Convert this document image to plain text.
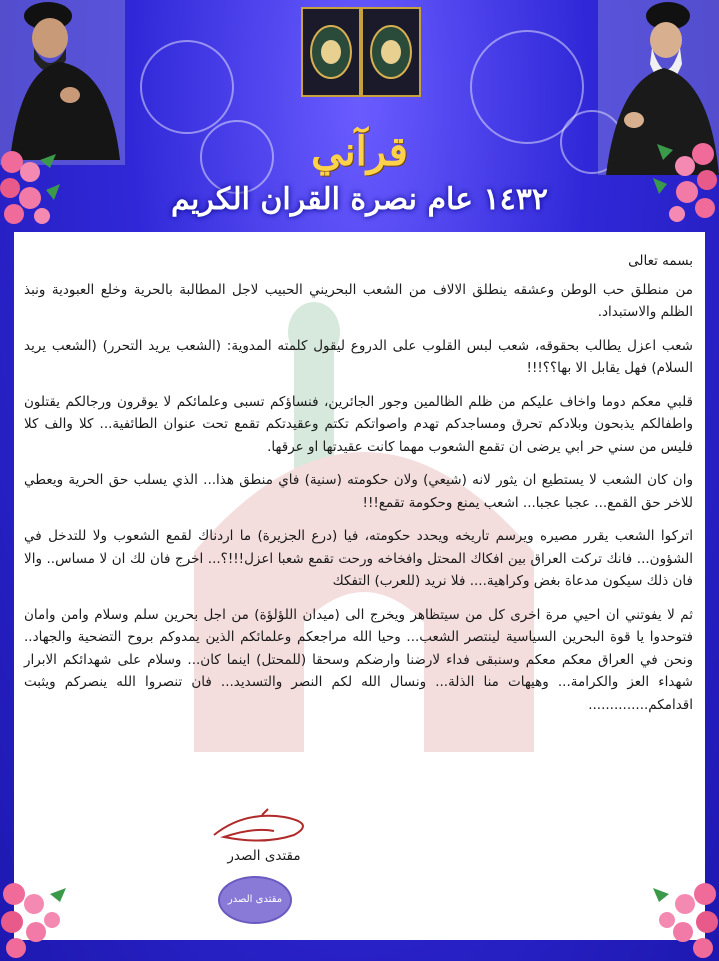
قرآني
١٤٣٢ عام نصرة القران الكريم

بسمه تعالى

من منطلق حب الوطن وعشقه ينطلق الالاف من الشعب البحريني الحبيب لاجل المطالبة بالحرية وخلع العبودية ونبذ الظلم والاستبداد.

شعب اعزل يطالب بحقوقه، شعب لبس القلوب على الدروع ليقول كلمته المدوية: (الشعب يريد التحرر) (الشعب يريد السلام) فهل يقابل الا بها؟؟!!!

قلبي معكم دوما واخاف عليكم من ظلم الظالمين وجور الجائرين، فنساؤكم تسبى وعلمائكم لا يوقرون ورجالكم يقتلون واطفالكم يذبحون وبلادكم تحرق ومساجدكم تهدم واصواتكم تكتم وعقيدتكم تقمع تحت عنوان الطائفية... كلا والف كلا فليس من سني حر ابي يرضى ان تقمع الشعوب مهما كانت عقيدتها او عرقها.

وان كان الشعب لا يستطيع ان يثور لانه (شيعي) ولان حكومته (سنية) فاي منطق هذا... الذي يسلب حق الحرية ويعطي للاخر حق القمع... عجبا عجبا... اشعب يمنع وحكومة تقمع!!!

اتركوا الشعب يقرر مصيره ويرسم تاريخه ويحدد حكومته، فيا (درع الجزيرة) ما اردناك لقمع الشعوب ولا للتدخل في الشؤون... فانك تركت العراق بين افكاك المحتل وافخاخه ورحت تقمع شعبا اعزل!!!؟... اخرج فان لك ان لا مساس.. والا فان ذلك سيكون مدعاة بغض وكراهية.... فلا نريد (للعرب) التفكك

ثم لا يفوتني ان احيي مرة اخرى كل من سيتظاهر ويخرج الى (ميدان اللؤلؤة) من اجل بحرين سلم وسلام وامن وامان فتوحدوا يا قوة البحرين السياسية لينتصر الشعب... وحيا الله مراجعكم وعلمائكم الذين يمدوكم بروح التضحية والجهاد.. ونحن في العراق معكم معكم وسنبقى فداء لارضنا وارضكم وسحقا (للمحتل) اينما كان... وسلام على شهدائكم الابرار شهداء العز والكرامة... وهيهات منا الذلة... ونسال الله لكم النصر والتسديد... فان تنصروا الله ينصركم ويثبت اقدامكم..............

مقتدى الصدر
مقتدى الصدر
